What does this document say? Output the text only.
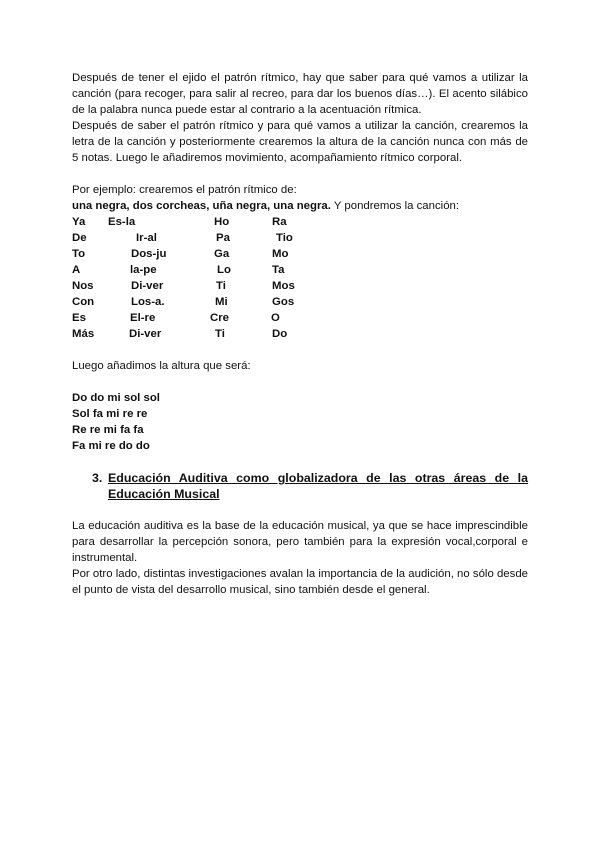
Después de tener el ejido el patrón rítmico, hay que saber para qué vamos a utilizar la canción (para recoger, para salir al recreo, para dar los buenos días…). El acento silábico de la palabra nunca puede estar al contrario a la acentuación rítmica.

Después de saber el patrón rítmico y para qué vamos a utilizar la canción, crearemos la letra de la canción y posteriormente crearemos la altura de la canción nunca con más de 5 notas. Luego le añadiremos movimiento, acompañamiento rítmico corporal.

Por ejemplo: crearemos el patrón rítmico de:

una negra, dos corcheas, uña negra, una negra. Y pondremos la canción:

Ya Es-la	Ho	Ra
De	Ir-al	Pa	Tio
To	Dos-ju	Ga	Mo
A	la-pe	Lo	Ta
Nos	Di-ver	Ti	Mos
Con	Los-a.	Mi	Gos
Es	El-re	Cre	O
Más	Di-ver	Ti	Do

Luego añadimos la altura que será:

Do do mi sol sol
Sol fa mi re re
Re re mi fa fa
Fa mi re do do
3. Educación Auditiva como globalizadora de las otras áreas de la Educación Musical

La educación auditiva es la base de la educación musical, ya que se hace imprescindible para desarrollar la percepción sonora, pero también para la expresión vocal,corporal e instrumental.

Por otro lado, distintas investigaciones avalan la importancia de la audición, no sólo desde el punto de vista del desarrollo musical, sino también desde el general.
